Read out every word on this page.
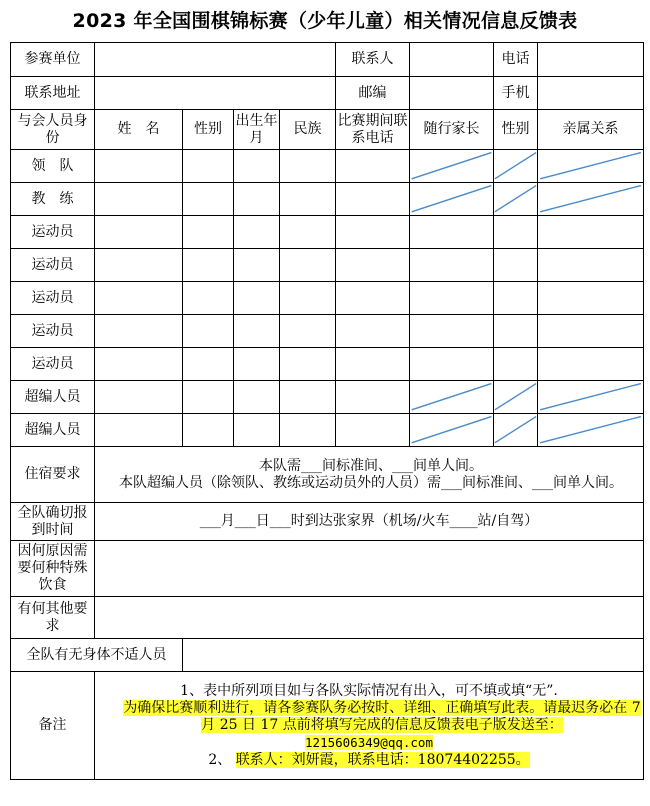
2023 年全国围棋锦标赛（少年儿童）相关情况信息反馈表
参赛单位					联系人		电话	
联系地址					邮编		手机	
与会人员身份	姓　名	性别	出生年月	民族	比赛期间联系电话	随行家长	性别	亲属关系
领　队						

教　练						

运动员								
运动员								
运动员								
运动员								
运动员								
超编人员						

超编人员						

住宿要求	本队需___间标准间、___间单人间。
本队超编人员（除领队、教练或运动员外的人员）需___间标准间、___间单人间。							

全队确切报到时间	___月___日___时到达张家界（机场/火车____站/自驾）							
因何原因需要何种特殊饮食								
有何其他要求								
全队有无身体不适人员								
备注	1、表中所列项目如与各队实际情况有出入，可不填或填“无”.
为确保比赛顺利进行，请各参赛队务必按时、详细、正确填写此表。请最迟务必在 7 月 25 日 17 点前将填写完成的信息反馈表电子版发送至：
1215606349@qq.com
2、 联系人：刘妍霞，联系电话：18074402255。							
